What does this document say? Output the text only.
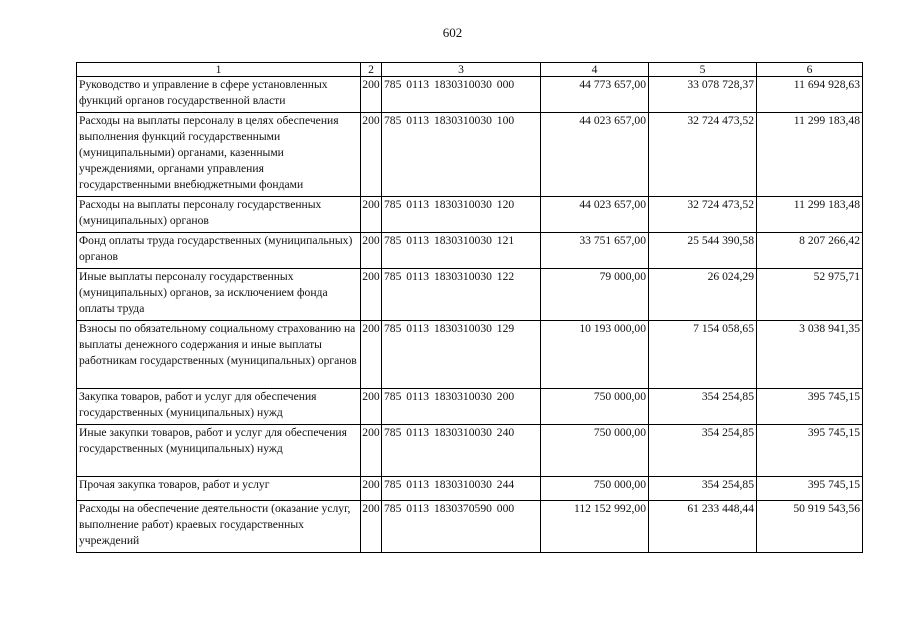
602
1	2	3	4	5	6
Руководство и управление в сфере установленных функций органов государственной власти	200	785 0113 1830310030 000	44 773 657,00	33 078 728,37	11 694 928,63
Расходы на выплаты персоналу в целях обеспечения выполнения функций государственными (муниципальными) органами, казенными учреждениями, органами управления государственными внебюджетными фондами	200	785 0113 1830310030 100	44 023 657,00	32 724 473,52	11 299 183,48
Расходы на выплаты персоналу государственных (муниципальных) органов	200	785 0113 1830310030 120	44 023 657,00	32 724 473,52	11 299 183,48
Фонд оплаты труда государственных (муниципальных) органов	200	785 0113 1830310030 121	33 751 657,00	25 544 390,58	8 207 266,42
Иные выплаты персоналу государственных (муниципальных) органов, за исключением фонда оплаты труда	200	785 0113 1830310030 122	79 000,00	26 024,29	52 975,71
Взносы по обязательному социальному страхованию на выплаты денежного содержания и иные выплаты работникам государственных (муниципальных) органов	200	785 0113 1830310030 129	10 193 000,00	7 154 058,65	3 038 941,35
Закупка товаров, работ и услуг для обеспечения государственных (муниципальных) нужд	200	785 0113 1830310030 200	750 000,00	354 254,85	395 745,15
Иные закупки товаров, работ и услуг для обеспечения государственных (муниципальных) нужд	200	785 0113 1830310030 240	750 000,00	354 254,85	395 745,15
Прочая закупка товаров, работ и услуг	200	785 0113 1830310030 244	750 000,00	354 254,85	395 745,15
Расходы на обеспечение деятельности (оказание услуг, выполнение работ) краевых государственных учреждений	200	785 0113 1830370590 000	112 152 992,00	61 233 448,44	50 919 543,56
